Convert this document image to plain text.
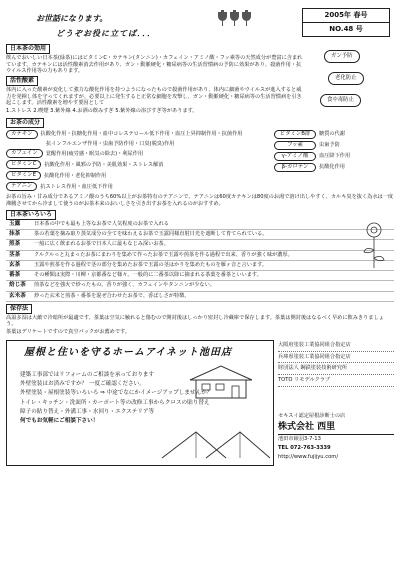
お世話になります。
どうぞお役に立てば．．．
2005年 春号
NO.48 号
日本茶の効用

飲んでおいしい日本茶(緑茶)にはビタミンC・カテキン(タンニン)・カフェイン・アミノ酸・フッ素等の天然成分が豊富に含まれています。カテキンには活性酸素消去作用があり、ガン・動脈硬化・糖尿病等の生活習慣病の予防に効果があり、殺菌作用・抗ウイルス作用等の力もあります。

活性酸素

体内に入った酸素が変化して強力な酸化作用を持つようになったもので殺菌作用があり、体内に細菌やウイルスが進入すると威力を発揮し体を守ってくれますが、必要以上に発生すると正常な細胞を攻撃し、ガン・動脈硬化・糖尿病等の生活習慣病を引き起こします。活性酸素を増やす要因として

1.ストレス 2.喫煙 3.紫外線 4.お酒の飲みすぎ 5.紫外線の浴びすぎ等があります。

ガン予防
老化防止
食中毒防止
お茶の成分
カテキン	抗酸化作用・抗糖化作用・血中コレステロール低下作用・血圧上昇抑制作用・抗菌作用
抗インフルエンザ作用・虫歯予防作用・口臭(脱臭)作用
カフェイン	覚醒作用(疲労感・眠気の除去)・利尿作用
ビタミンC	抗酸化作用・風邪の予防・美肌効果・ストレス解消
ビタミンE	抗酸化作用・老化抑制作用
テアニン	抗ストレス作用・血圧低下作用
ビタミンB群	糖質の代謝
フッ素	虫歯予防
γ-アミノ酸	血圧降下作用
β-カロテン	抗酸化作用

お茶の旨み・甘み成分であるアミノ酸のうち60%以上がお茶特有のテアニンで、テアニンは60度カテキンは80度のお湯で溶け出しやすく、カルキ臭を抜く為水は一度沸騰させてから冷まして使うのがお茶本来のおいしさを引き出すお茶を入れるのがおすすめ。

日本茶いろいろ
玉露	日本茶の中でも最も上等なお茶で人気程度のお茶で入れる
抹茶	茶の若葉を摘み取り蒸気成分の全てを味わえるお茶で玉露同様直射日光を遮断して育てられている。
煎茶	一般に広く飲まれるお茶で日本人に最もなじみ深いお茶。
茎茶	クルクルっと丸まったお茶にまわりを集めて作ったお茶で玉露や煎茶を作る過程で出来、香りが強く味が濃厚。
玄茶	玉露や煎茶を作る過程で茎の部分を集めたお茶で玉露の茎はかりを集めたものを雁ヶ音と言います。
番茶	その種類は実際・川柳・京都番など様々。一般的に二番茶以降に摘まれる茶葉を番茶といいます。
焙じ茶	煎茶などを強火で炒ったもの。香りが強く、カフェインやタンニンが少ない。
玄米茶	炒った玄米と煎茶・番茶を混ぜ合わせたお茶で、香ばしさが特徴。
保存法

高温多湿は大敵で冷暗所が最適です。茶葉は空気に触れると傷むので開封後はしっかり密封し冷蔵庫で保存します。茶葉は開封後はなるべく早めに飲みきりましょう。

茶葉はデリケートですので真空パックがお薦めです。

屋根と住いを守るホームアイネット池田店

建築工事部ではリフォームのご相談を承っております

外壁塗装はお済みですか？ 一度ご確認ください。

外壁塗装・屋根塗装等いろいろ ⇒ 中途でなにかイメージアップしませんか？

トイレ・キッチン・洗面所・カーポート等の改修工事からクロスの貼り替え

障子の貼り替え・外溝工事・水回り・エクステリア等

何でもお気軽にご相談下さい！

大阪府塗装工業協同組合指定店
兵庫県塗装工業協同組合指定店
財団法人 鋼鉄塗装技術研究所
TOTO リモデルクラブ
セキスイ認定屋根診断士の店
株式会社 西里
池田市綾羽3-7-13
TEL 072-763-3339
http://www.fujijyu.com/
